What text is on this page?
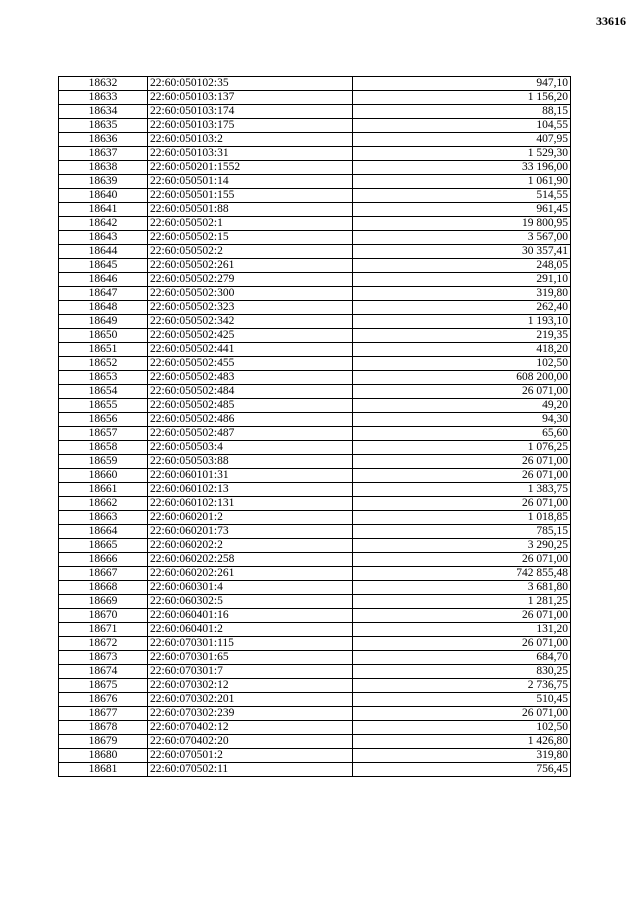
33616
18632	22:60:050102:35	947,10
18633	22:60:050103:137	1 156,20
18634	22:60:050103:174	88,15
18635	22:60:050103:175	104,55
18636	22:60:050103:2	407,95
18637	22:60:050103:31	1 529,30
18638	22:60:050201:1552	33 196,00
18639	22:60:050501:14	1 061,90
18640	22:60:050501:155	514,55
18641	22:60:050501:88	961,45
18642	22:60:050502:1	19 800,95
18643	22:60:050502:15	3 567,00
18644	22:60:050502:2	30 357,41
18645	22:60:050502:261	248,05
18646	22:60:050502:279	291,10
18647	22:60:050502:300	319,80
18648	22:60:050502:323	262,40
18649	22:60:050502:342	1 193,10
18650	22:60:050502:425	219,35
18651	22:60:050502:441	418,20
18652	22:60:050502:455	102,50
18653	22:60:050502:483	608 200,00
18654	22:60:050502:484	26 071,00
18655	22:60:050502:485	49,20
18656	22:60:050502:486	94,30
18657	22:60:050502:487	65,60
18658	22:60:050503:4	1 076,25
18659	22:60:050503:88	26 071,00
18660	22:60:060101:31	26 071,00
18661	22:60:060102:13	1 383,75
18662	22:60:060102:131	26 071,00
18663	22:60:060201:2	1 018,85
18664	22:60:060201:73	785,15
18665	22:60:060202:2	3 290,25
18666	22:60:060202:258	26 071,00
18667	22:60:060202:261	742 855,48
18668	22:60:060301:4	3 681,80
18669	22:60:060302:5	1 281,25
18670	22:60:060401:16	26 071,00
18671	22:60:060401:2	131,20
18672	22:60:070301:115	26 071,00
18673	22:60:070301:65	684,70
18674	22:60:070301:7	830,25
18675	22:60:070302:12	2 736,75
18676	22:60:070302:201	510,45
18677	22:60:070302:239	26 071,00
18678	22:60:070402:12	102,50
18679	22:60:070402:20	1 426,80
18680	22:60:070501:2	319,80
18681	22:60:070502:11	756,45
